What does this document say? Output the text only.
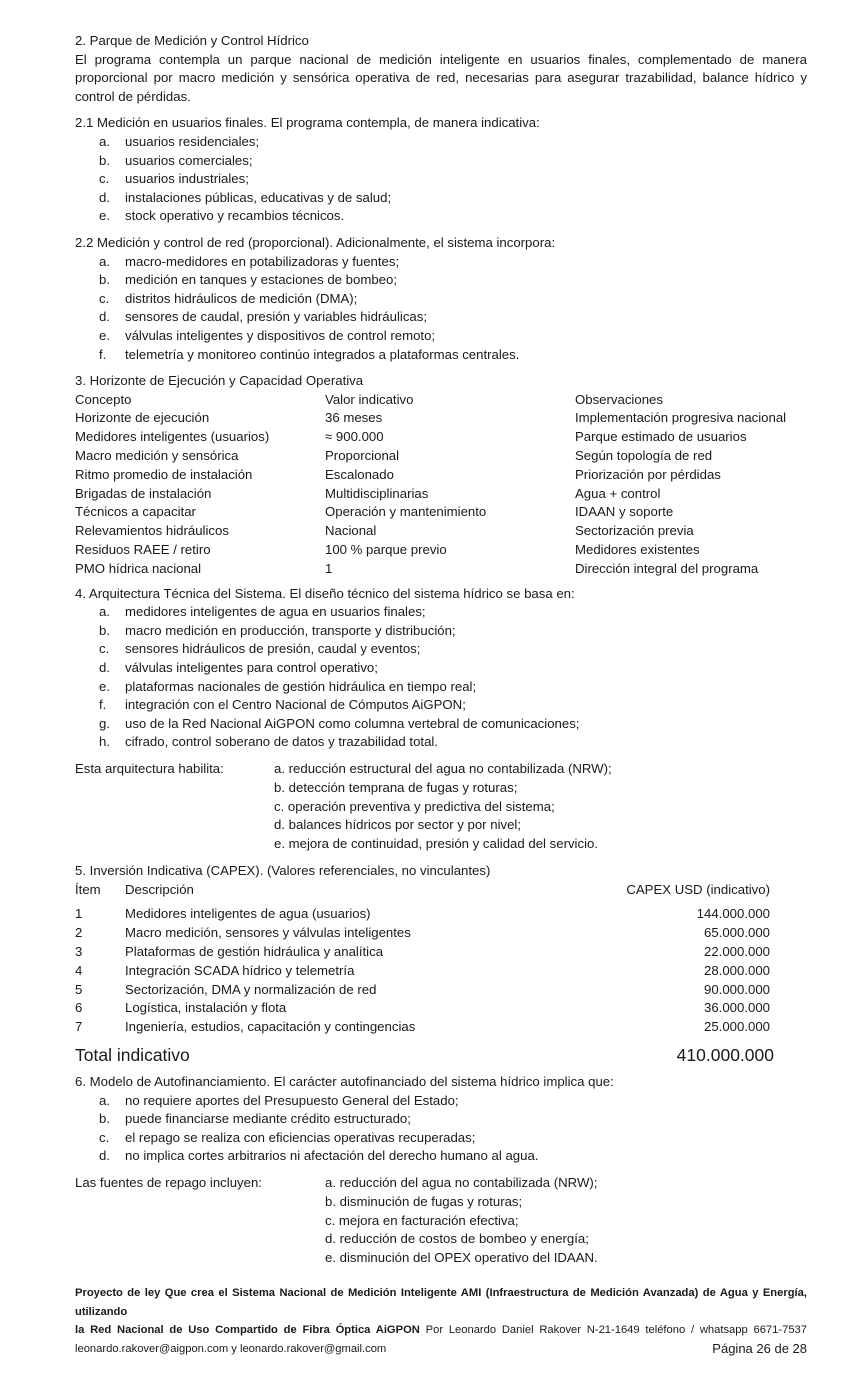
2. Parque de Medición y Control Hídrico

El programa contempla un parque nacional de medición inteligente en usuarios finales, complementado de manera proporcional por macro medición y sensórica operativa de red, necesarias para asegurar trazabilidad, balance hídrico y control de pérdidas.

2.1 Medición en usuarios finales. El programa contempla, de manera indicativa:

a.	usuarios residenciales;
b.	usuarios comerciales;
c.	usuarios industriales;
d.	instalaciones públicas, educativas y de salud;
e.	stock operativo y recambios técnicos.

2.2 Medición y control de red (proporcional). Adicionalmente, el sistema incorpora:

a.	macro-medidores en potabilizadoras y fuentes;
b.	medición en tanques y estaciones de bombeo;
c.	distritos hidráulicos de medición (DMA);
d.	sensores de caudal, presión y variables hidráulicas;
e.	válvulas inteligentes y dispositivos de control remoto;
f.	telemetría y monitoreo continúo integrados a plataformas centrales.

3. Horizonte de Ejecución y Capacidad Operativa

Concepto	Valor indicativo	Observaciones
Horizonte de ejecución	36 meses	Implementación progresiva nacional
Medidores inteligentes (usuarios)	≈ 900.000	Parque estimado de usuarios
Macro medición y sensórica	Proporcional	Según topología de red
Ritmo promedio de instalación	Escalonado	Priorización por pérdidas
Brigadas de instalación	Multidisciplinarias	Agua + control
Técnicos a capacitar	Operación y mantenimiento	IDAAN y soporte
Relevamientos hidráulicos	Nacional	Sectorización previa
Residuos RAEE / retiro	100 % parque previo	Medidores existentes
PMO hídrica nacional	1	Dirección integral del programa

4. Arquitectura Técnica del Sistema. El diseño técnico del sistema hídrico se basa en:

a.	medidores inteligentes de agua en usuarios finales;
b.	macro medición en producción, transporte y distribución;
c.	sensores hidráulicos de presión, caudal y eventos;
d.	válvulas inteligentes para control operativo;
e.	plataformas nacionales de gestión hidráulica en tiempo real;
f.	integración con el Centro Nacional de Cómputos AiGPON;
g.	uso de la Red Nacional AiGPON como columna vertebral de comunicaciones;
h.	cifrado, control soberano de datos y trazabilidad total.
Esta arquitectura habilita:	a. reducción estructural del agua no contabilizada (NRW);
b. detección temprana de fugas y roturas;
c. operación preventiva y predictiva del sistema;
d. balances hídricos por sector y por nivel;
e. mejora de continuidad, presión y calidad del servicio.

5. Inversión Indicativa (CAPEX). (Valores referenciales, no vinculantes)

Ítem	Descripción	CAPEX USD (indicativo)
1	Medidores inteligentes de agua (usuarios)	144.000.000
2	Macro medición, sensores y válvulas inteligentes	65.000.000
3	Plataformas de gestión hidráulica y analítica	22.000.000
4	Integración SCADA hídrico y telemetría	28.000.000
5	Sectorización, DMA y normalización de red	90.000.000
6	Logística, instalación y flota	36.000.000
7	Ingeniería, estudios, capacitación y contingencias	25.000.000
Total indicativo	410.000.000

6. Modelo de Autofinanciamiento. El carácter autofinanciado del sistema hídrico implica que:

a.	no requiere aportes del Presupuesto General del Estado;
b.	puede financiarse mediante crédito estructurado;
c.	el repago se realiza con eficiencias operativas recuperadas;
d.	no implica cortes arbitrarios ni afectación del derecho humano al agua.
Las fuentes de repago incluyen:	a. reducción del agua no contabilizada (NRW);
b. disminución de fugas y roturas;
c. mejora en facturación efectiva;
d. reducción de costos de bombeo y energía;
e. disminución del OPEX operativo del IDAAN.
Proyecto de ley Que crea el Sistema Nacional de Medición Inteligente AMI (Infraestructura de Medición Avanzada) de Agua y Energía, utilizando
la Red Nacional de Uso Compartido de Fibra Óptica AiGPON Por Leonardo Daniel Rakover N-21-1649 teléfono / whatsapp 6671-7537
leonardo.rakover@aigpon.com y leonardo.rakover@gmail.com	Página 26 de 28
